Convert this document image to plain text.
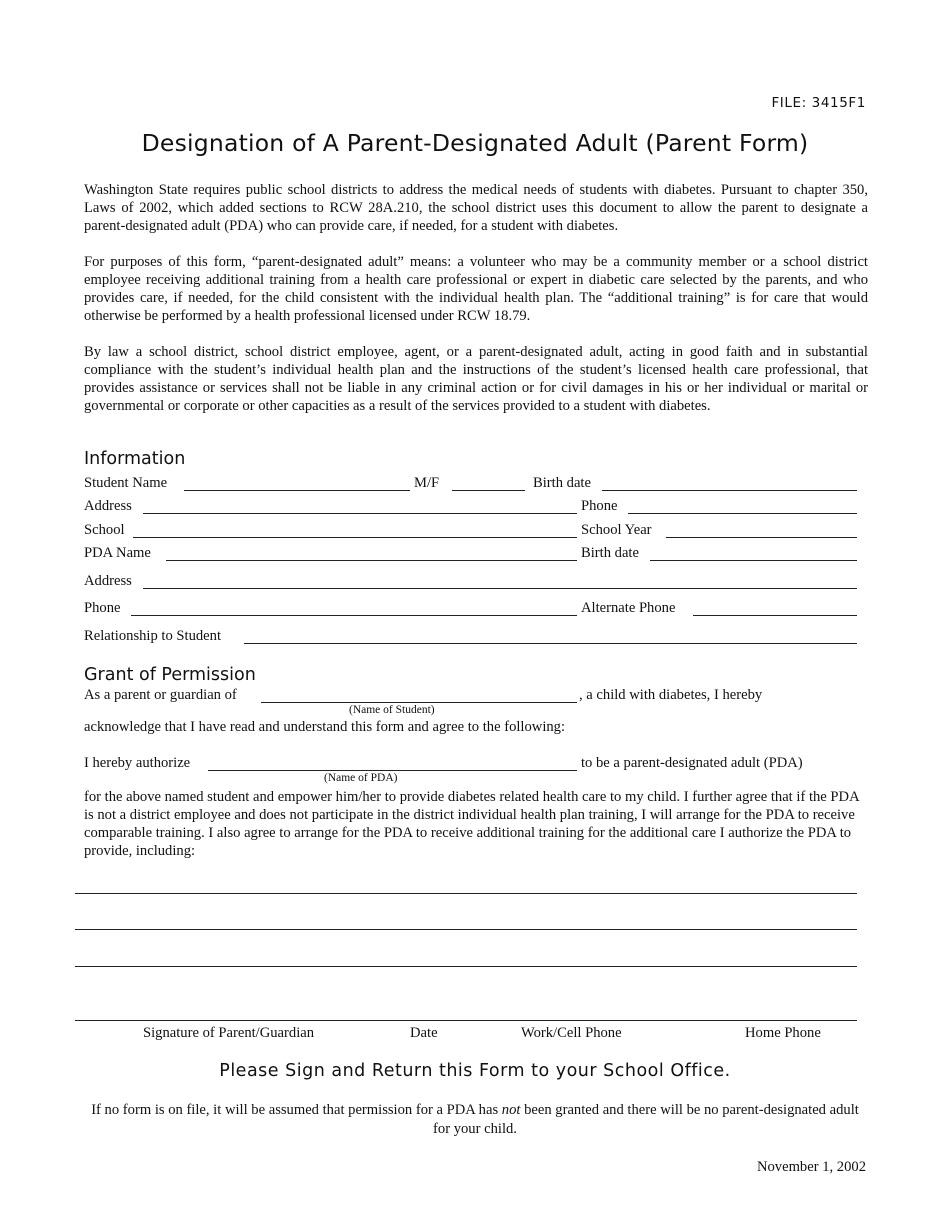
FILE: 3415F1
Designation of A Parent-Designated Adult (Parent Form)
Washington State requires public school districts to address the medical needs of students with diabetes. Pursuant to chapter 350, Laws of 2002, which added sections to RCW 28A.210, the school district uses this document to allow the parent to designate a parent-designated adult (PDA) who can provide care, if needed, for a student with diabetes.
For purposes of this form, “parent-designated adult” means: a volunteer who may be a community member or a school district employee receiving additional training from a health care professional or expert in diabetic care selected by the parents, and who provides care, if needed, for the child consistent with the individual health plan. The “additional training” is for care that would otherwise be performed by a health professional licensed under RCW 18.79.
By law a school district, school district employee, agent, or a parent-designated adult, acting in good faith and in substantial compliance with the student’s individual health plan and the instructions of the student’s licensed health care professional, that provides assistance or services shall not be liable in any criminal action or for civil damages in his or her individual or marital or governmental or corporate or other capacities as a result of the services provided to a student with diabetes.
Information
Student Name	M/F	Birth date
Address	Phone
School	School Year
PDA Name	Birth date
Address
Phone	Alternate Phone
Relationship to Student
Grant of Permission
As a parent or guardian of	, a child with diabetes, I hereby
(Name of Student)
acknowledge that I have read and understand this form and agree to the following:
I hereby authorize	to be a parent-designated adult (PDA)
(Name of PDA)
for the above named student and empower him/her to provide diabetes related health care to my child. I further agree that if the PDA is not a district employee and does not participate in the district individual health plan training, I will arrange for the PDA to receive comparable training. I also agree to arrange for the PDA to receive additional training for the additional care I authorize the PDA to provide, including:
Signature of Parent/Guardian	Date	Work/Cell Phone	Home Phone
Please Sign and Return this Form to your School Office.
If no form is on file, it will be assumed that permission for a PDA has not been granted and there will be no parent-designated adult for your child.
November 1, 2002
